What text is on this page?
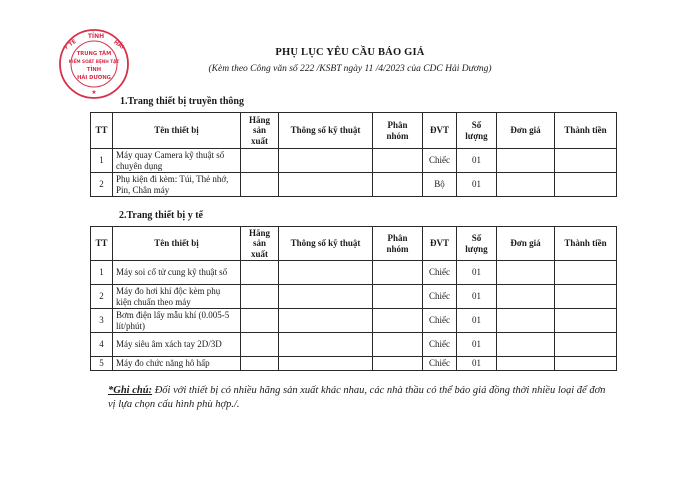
TỈNH
Y TẾ	HẢI
TRUNG TÂM
KIỂM SOÁT BỆNH TẬT
TỈNH
HẢI DƯƠNG
★
PHỤ LỤC YÊU CẦU BÁO GIÁ
(Kèm theo Công văn số 222 /KSBT ngày 11 /4/2023 của CDC Hải Dương)
1.Trang thiết bị truyền thông
TT	Tên thiết bị	Hãng sản xuất	Thông số kỹ thuật	Phân nhóm	ĐVT	Số lượng	Đơn giá	Thành tiền
1	Máy quay Camera kỹ thuật số chuyên dụng				Chiếc	01		
2	Phụ kiện đi kèm: Túi, Thẻ nhớ, Pin, Chân máy				Bộ	01		
2.Trang thiết bị y tế
TT	Tên thiết bị	Hãng sản xuất	Thông số kỹ thuật	Phân nhóm	ĐVT	Số lượng	Đơn giá	Thành tiền
1	Máy soi cổ tử cung kỹ thuật số				Chiếc	01		
2	Máy đo hơi khí độc kèm phụ kiện chuẩn theo máy				Chiếc	01		
3	Bơm điện lấy mẫu khí (0.005-5 lít/phút)				Chiếc	01		
4	Máy siêu âm xách tay 2D/3D				Chiếc	01		
5	Máy đo chức năng hô hấp				Chiếc	01		
*Ghi chú: Đối với thiết bị có nhiều hãng sản xuất khác nhau, các nhà thầu có thể báo giá đồng thời nhiều loại để đơn vị lựa chọn cấu hình phù hợp./.
